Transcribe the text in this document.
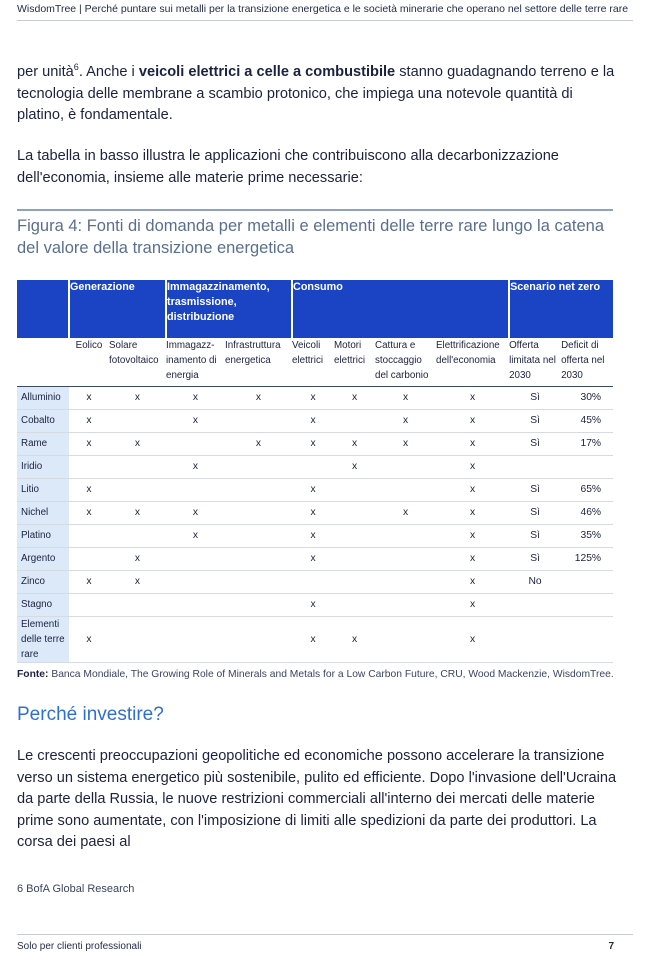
WisdomTree | Perché puntare sui metalli per la transizione energetica e le società minerarie che operano nel settore delle terre rare

per unità$^6$. Anche i veicoli elettrici a celle a combustibile stanno guadagnando terreno e la tecnologia delle membrane a scambio protonico, che impiega una notevole quantità di platino, è fondamentale.

La tabella in basso illustra le applicazioni che contribuiscono alla decarbonizzazione dell'economia, insieme alle materie prime necessarie:

Figura 4: Fonti di domanda per metalli e elementi delle terre rare lungo la catena del valore della transizione energetica

	Generazione		Immagazzinamento, trasmissione, distribuzione		Consumo				Scenario net zero	
	Eolico	Solare fotovoltaico	Immagazz- inamento di energia	Infrastruttura energetica	Veicoli elettrici	Motori elettrici	Cattura e stoccaggio del carbonio	Elettrificazione dell'economia	Offerta limitata nel 2030	Deficit di offerta nel 2030
Alluminio	x	x	x	x	x	x	x	x	Sì	30%
Cobalto	x		x		x		x	x	Sì	45%
Rame	x	x		x	x	x	x	x	Sì	17%
Iridio			x			x		x		
Litio	x				x			x	Sì	65%
Nichel	x	x	x		x		x	x	Sì	46%
Platino			x		x			x	Sì	35%
Argento		x			x			x	Sì	125%
Zinco	x	x						x	No	
Stagno					x			x		
Elementi delle terre rare	x				x	x		x		
Fonte: Banca Mondiale, The Growing Role of Minerals and Metals for a Low Carbon Future, CRU, Wood Mackenzie, WisdomTree.
Perché investire?

Le crescenti preoccupazioni geopolitiche ed economiche possono accelerare la transizione verso un sistema energetico più sostenibile, pulito ed efficiente. Dopo l'invasione dell'Ucraina da parte della Russia, le nuove restrizioni commerciali all'interno dei mercati delle materie prime sono aumentate, con l'imposizione di limiti alle spedizioni da parte dei produttori. La corsa dei paesi al

6 BofA Global Research
Solo per clienti professionali	7
